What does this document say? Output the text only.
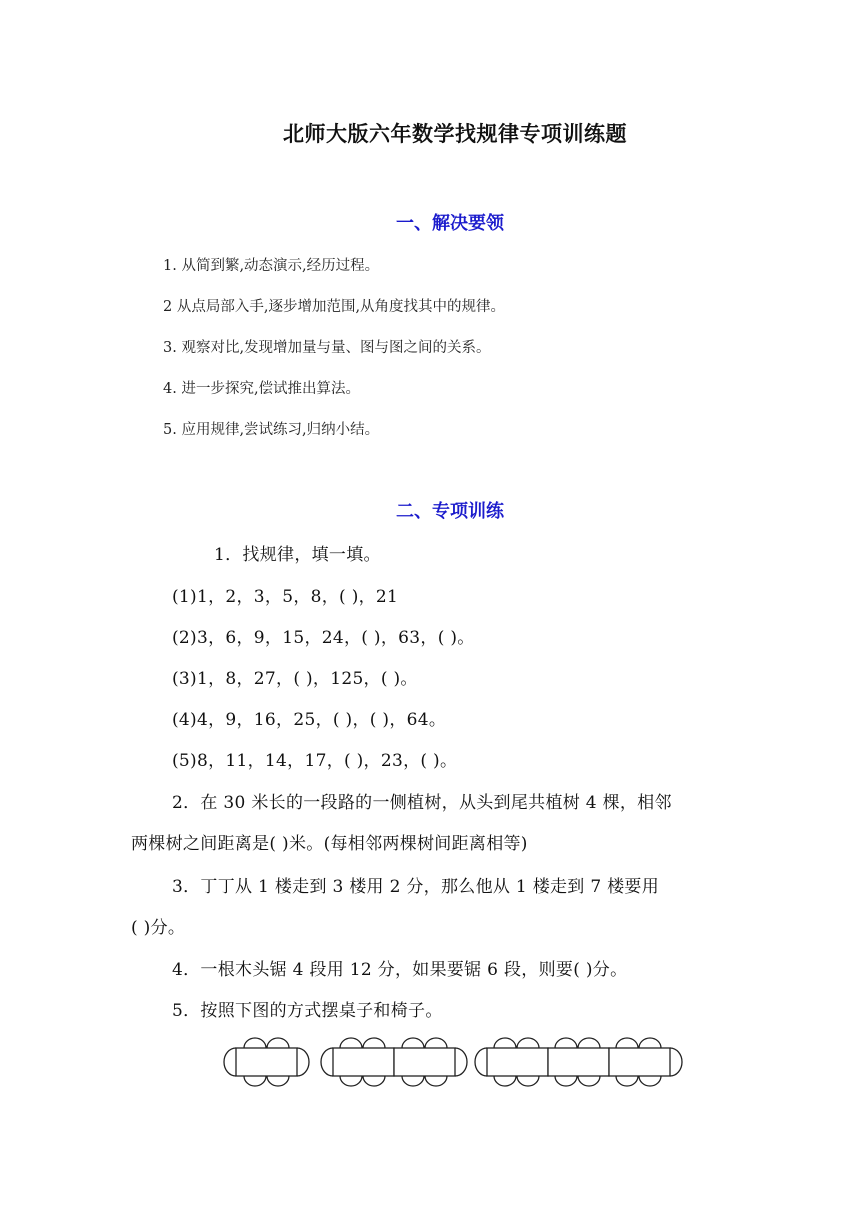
北师大版六年数学找规律专项训练题
一、解决要领
1. 从简到繁,动态演示,经历过程。
2 从点局部入手,逐步增加范围,从角度找其中的规律。
3. 观察对比,发现增加量与量、图与图之间的关系。
4. 进一步探究,偿试推出算法。
5. 应用规律,尝试练习,归纳小结。
二、专项训练
1．找规律，填一填。
(1)1，2，3，5，8，( )，21
(2)3，6，9，15，24，( )，63，( )。
(3)1，8，27，( )，125，( )。
(4)4，9，16，25，( )，( )，64。
(5)8，11，14，17，( )，23，( )。
2．在 30 米长的一段路的一侧植树，从头到尾共植树 4 棵，相邻
两棵树之间距离是( )米。(每相邻两棵树间距离相等)
3．丁丁从 1 楼走到 3 楼用 2 分，那么他从 1 楼走到 7 楼要用
( )分。
4．一根木头锯 4 段用 12 分，如果要锯 6 段，则要( )分。
5．按照下图的方式摆桌子和椅子。
